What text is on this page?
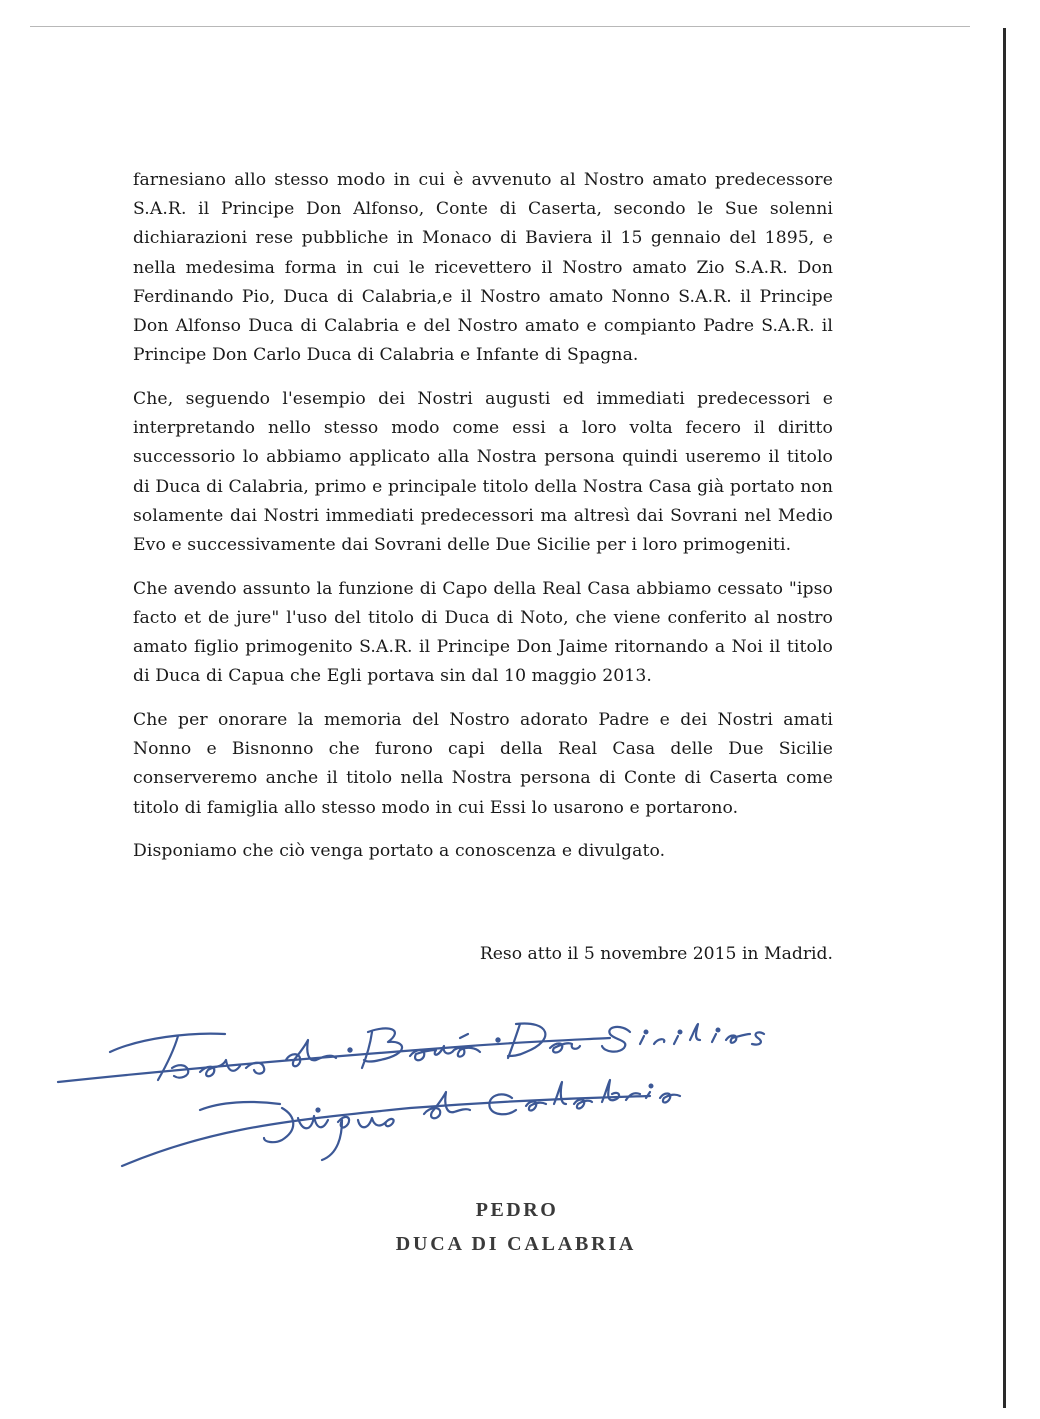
farnesiano allo stesso modo in cui è avvenuto al Nostro amato predecessore S.A.R. il Principe Don Alfonso, Conte di Caserta, secondo le Sue solenni dichiarazioni rese pubbliche in Monaco di Baviera il 15 gennaio del 1895, e nella medesima forma in cui le ricevettero il Nostro amato Zio S.A.R. Don Ferdinando Pio, Duca di Calabria,e il Nostro amato Nonno S.A.R. il Principe Don Alfonso Duca di Calabria e del Nostro amato e compianto Padre S.A.R. il Principe Don Carlo Duca di Calabria e Infante di Spagna.

Che, seguendo l'esempio dei Nostri augusti ed immediati predecessori e interpretando nello stesso modo come essi a loro volta fecero il diritto successorio lo abbiamo applicato alla Nostra persona quindi useremo il titolo di Duca di Calabria, primo e principale titolo della Nostra Casa già portato non solamente dai Nostri immediati predecessori ma altresì dai Sovrani nel Medio Evo e successivamente dai Sovrani delle Due Sicilie per i loro primogeniti.

Che avendo assunto la funzione di Capo della Real Casa abbiamo cessato "ipso facto et de jure" l'uso del titolo di Duca di Noto, che viene conferito al nostro amato figlio primogenito S.A.R. il Principe Don Jaime ritornando a Noi il titolo di Duca di Capua che Egli portava sin dal 10 maggio 2013.

Che per onorare la memoria del Nostro adorato Padre e dei Nostri amati Nonno e Bisnonno che furono capi della Real Casa delle Due Sicilie conserveremo anche il titolo nella Nostra persona di Conte di Caserta come titolo di famiglia allo stesso modo in cui Essi lo usarono e portarono.

Disponiamo che ciò venga portato a conoscenza e divulgato.

Reso atto il 5 novembre 2015 in Madrid.
PEDRO
DUCA DI CALABRIA
